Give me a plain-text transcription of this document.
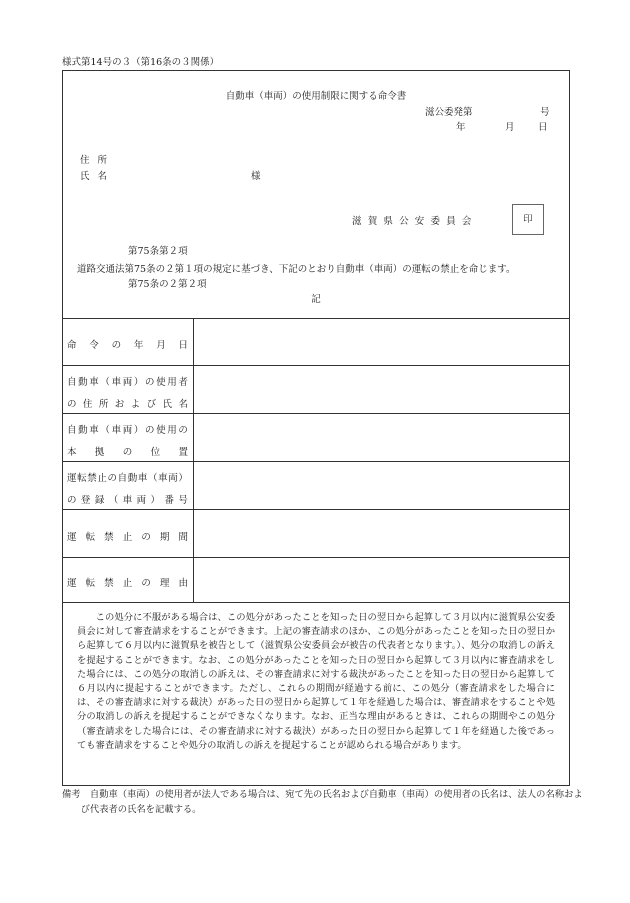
様式第14号の３（第16条の３関係）
自動車（車両）の使用制限に関する命令書
滋公委発第	号
年	月 日
住所
氏名	様
滋賀県公安委員会	印
第75条第２項
道路交通法第75条の２第１項の規定に基づき、下記のとおり自動車（車両）の運転の禁止を命じます。
第75条の２第２項
記
命 令 の 年 月 日
自 動 車 （ 車 両 ） の 使 用 者
の 住 所 お よ び 氏 名
自 動 車 （ 車 両 ） の 使 用 の
本 拠 の 位 置
運 転 禁 止 の 自 動 車 （ 車 両 ）
の 登 録 （ 車 両 ） 番 号
運 転 禁 止 の 期 間
運 転 禁 止 の 理 由
この処分に不服がある場合は、この処分があったことを知った日の翌日から起算して３月以内に滋賀県公安委員会に対して審査請求をすることができます。上記の審査請求のほか、この処分があったことを知った日の翌日から起算して６月以内に滋賀県を被告として（滋賀県公安委員会が被告の代表者となります。）、処分の取消しの訴えを提起することができます。なお、この処分があったことを知った日の翌日から起算して３月以内に審査請求をした場合には、この処分の取消しの訴えは、その審査請求に対する裁決があったことを知った日の翌日から起算して６月以内に提起することができます。ただし、これらの期間が経過する前に、この処分（審査請求をした場合には、その審査請求に対する裁決）があった日の翌日から起算して１年を経過した場合は、審査請求をすることや処分の取消しの訴えを提起することができなくなります。なお、正当な理由があるときは、これらの期間やこの処分（審査請求をした場合には、その審査請求に対する裁決）があった日の翌日から起算して１年を経過した後であっても審査請求をすることや処分の取消しの訴えを提起することが認められる場合があります。
備考　自動車（車両）の使用者が法人である場合は、宛て先の氏名および自動車（車両）の使用者の氏名は、法人の名称および代表者の氏名を記載する。
